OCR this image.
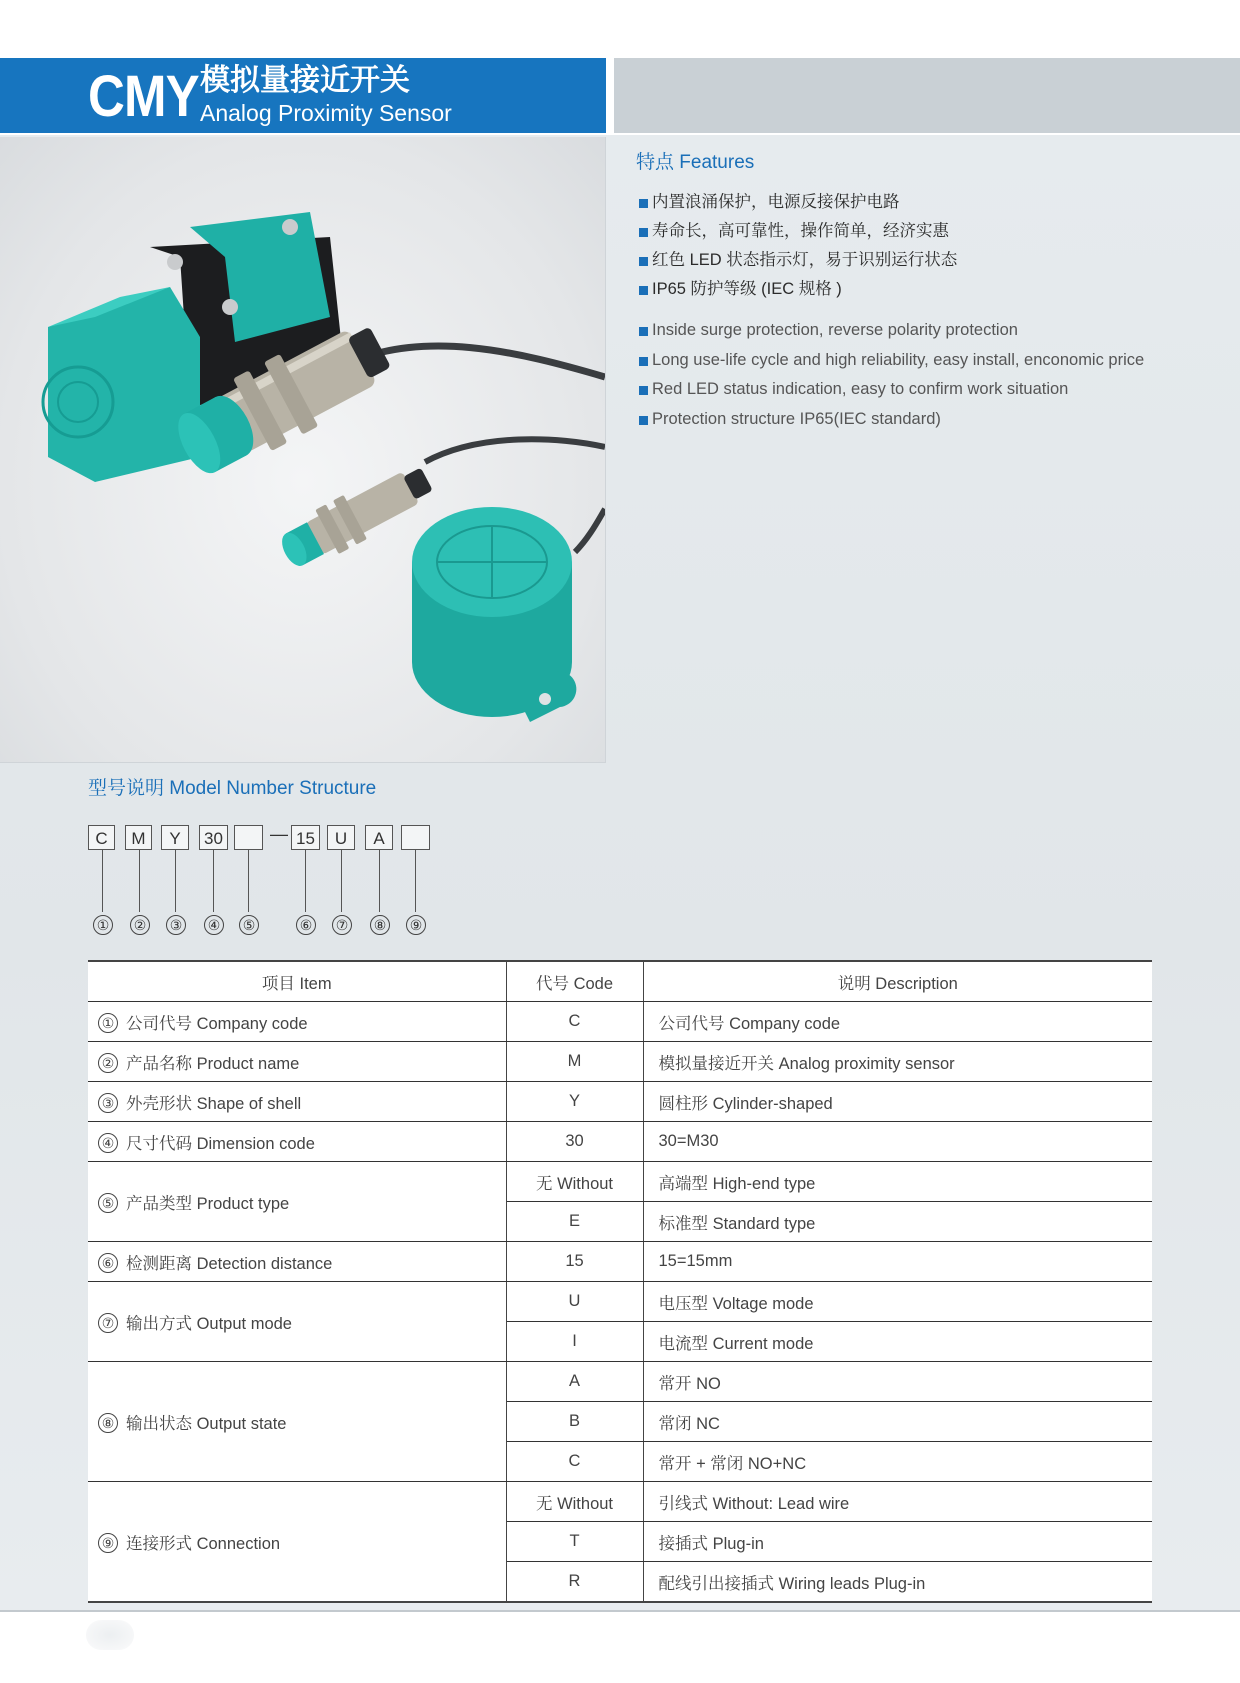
CMY 模拟量接近开关
Analog Proximity Sensor
特点 Features
内置浪涌保护，电源反接保护电路
寿命长，高可靠性，操作简单，经济实惠
红色 LED 状态指示灯，易于识别运行状态
IP65 防护等级 (IEC 规格 )
Inside surge protection, reverse polarity protection
Long use-life cycle and high reliability, easy install, enconomic price
Red LED status indication, easy to confirm work situation
Protection structure IP65(IEC standard)
型号说明 Model Number Structure
C	M	Y	30	— 15	U	A
① ② ③ ④ ⑤	⑥ ⑦ ⑧ ⑨
项目 Item	代号 Code	说明 Description
① 公司代号 Company code	C	公司代号 Company code
② 产品名称 Product name	M	模拟量接近开关 Analog proximity sensor
③ 外壳形状 Shape of shell	Y	圆柱形 Cylinder-shaped
④ 尺寸代码 Dimension code	30	30=M30
⑤ 产品类型 Product type	无 Without	高端型 High-end type
	E	标准型 Standard type
⑥ 检测距离 Detection distance	15	15=15mm
⑦ 输出方式 Output mode	U	电压型 Voltage mode
	I	电流型 Current mode
⑧ 输出状态 Output state	A	常开 NO
	B	常闭 NC
	C	常开 + 常闭 NO+NC
⑨ 连接形式 Connection	无 Without	引线式 Without: Lead wire
	T	接插式 Plug-in
	R	配线引出接插式 Wiring leads Plug-in
